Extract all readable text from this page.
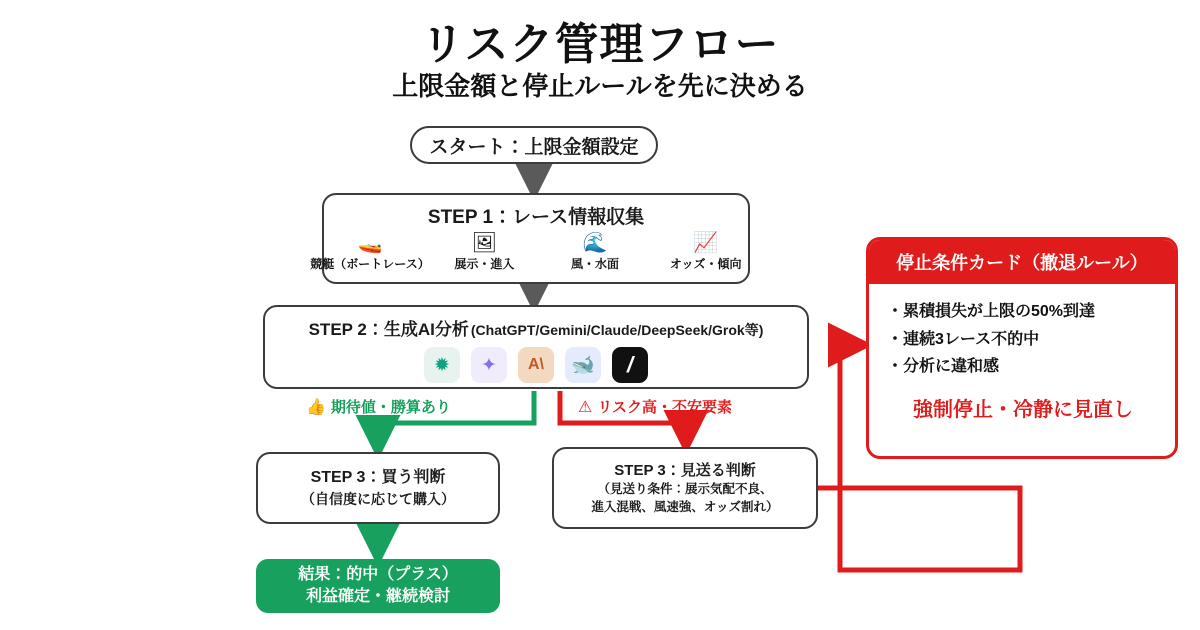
リスク管理フロー
上限金額と停止ルールを先に決める
スタート：上限金額設定
STEP 1：レース情報収集
🚤
競艇（ボートレース）
🖼
展示・進入
🌊
風・水面
📈
オッズ・傾向
STEP 2：生成AI分析 (ChatGPT/Gemini/Claude/DeepSeek/Grok等)
✹	✦	A\	🐋	/
👍 期待値・勝算あり	⚠ リスク高・不安要素
STEP 3：買う判断
（自信度に応じて購入）
STEP 3：見送る判断
（見送り条件：展示気配不良、
進入混戦、風速強、オッズ割れ）
結果：的中（プラス）
利益確定・継続検討
停止条件カード（撤退ルール）
・累積損失が上限の50%到達
・連続3レース不的中
・分析に違和感
強制停止・冷静に見直し
